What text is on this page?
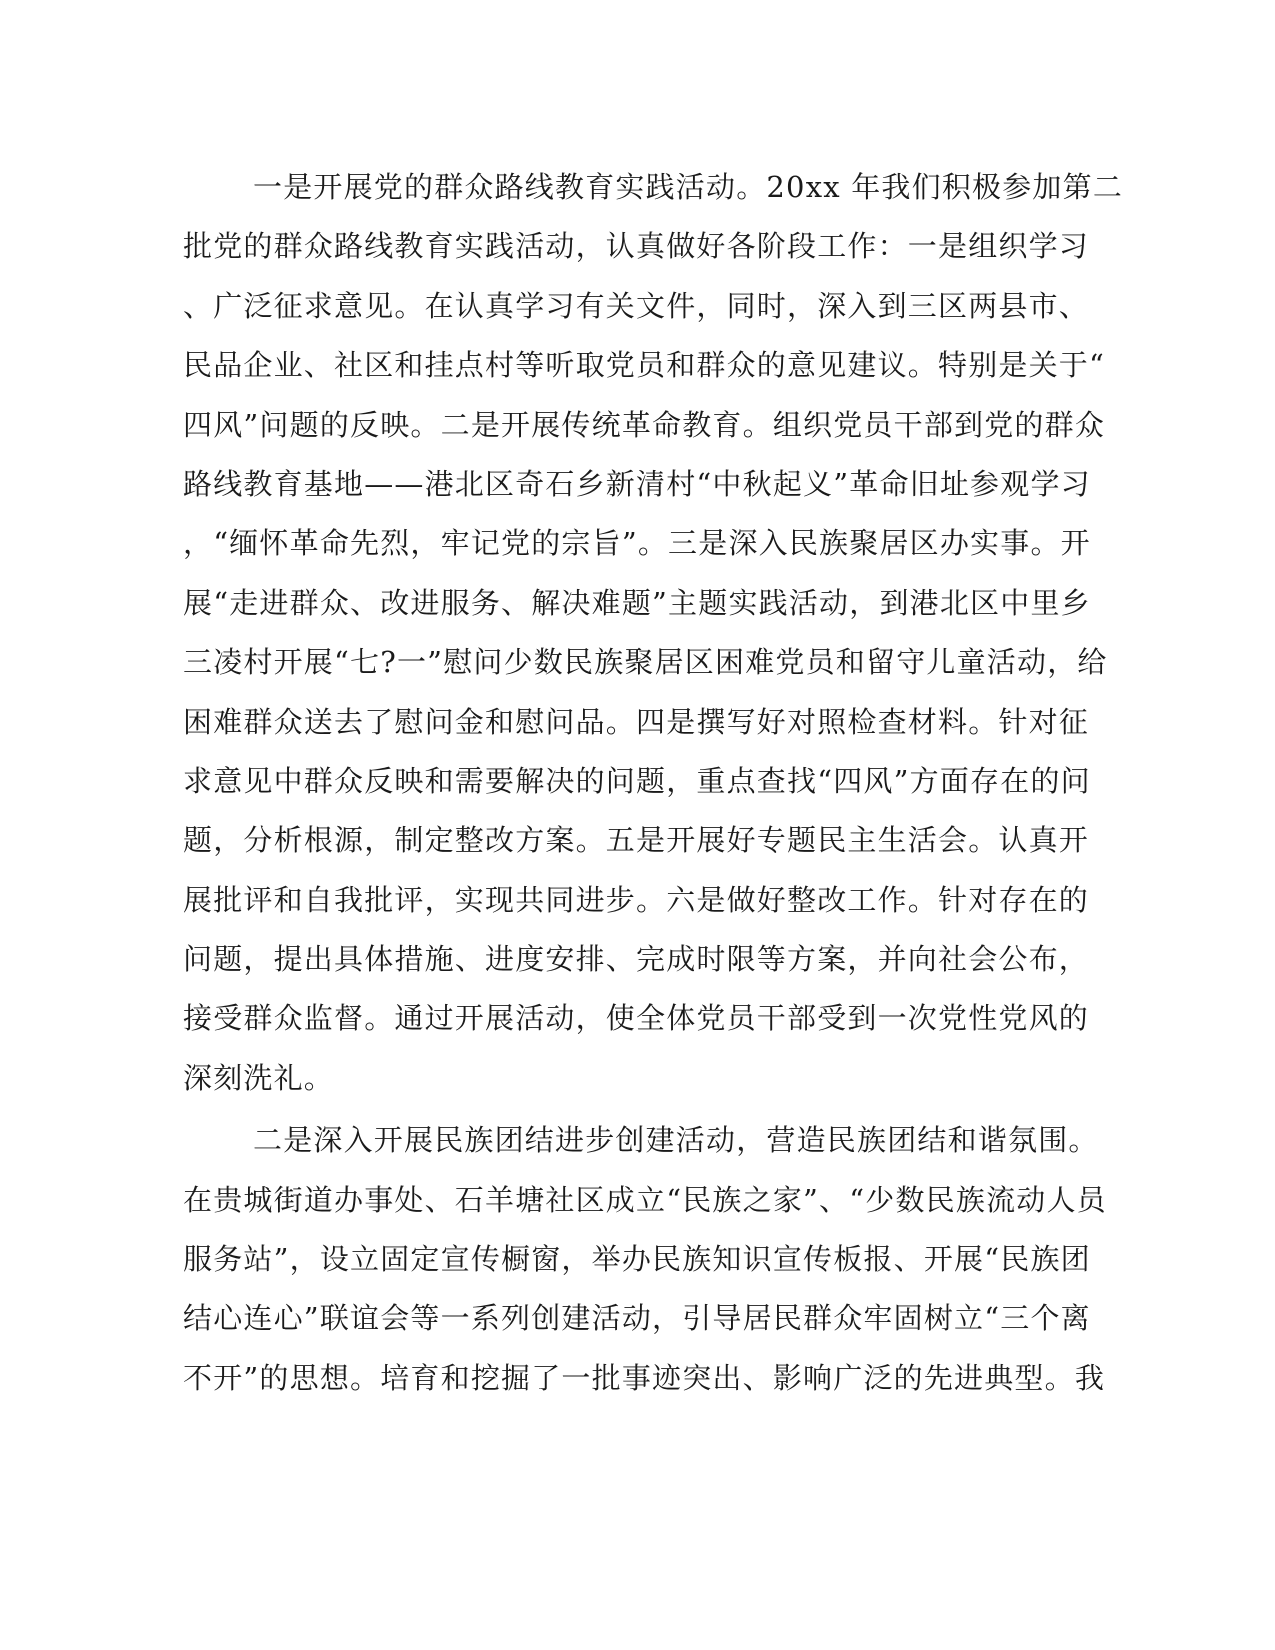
一是开展党的群众路线教育实践活动。20xx 年我们积极参加第二
批党的群众路线教育实践活动，认真做好各阶段工作：一是组织学习
、广泛征求意见。在认真学习有关文件，同时，深入到三区两县市、
民品企业、社区和挂点村等听取党员和群众的意见建议。特别是关于“
四风”问题的反映。二是开展传统革命教育。组织党员干部到党的群众
路线教育基地——港北区奇石乡新清村“中秋起义”革命旧址参观学习
，“缅怀革命先烈，牢记党的宗旨”。三是深入民族聚居区办实事。开
展“走进群众、改进服务、解决难题”主题实践活动，到港北区中里乡
三凌村开展“七?一”慰问少数民族聚居区困难党员和留守儿童活动，给
困难群众送去了慰问金和慰问品。四是撰写好对照检查材料。针对征
求意见中群众反映和需要解决的问题，重点查找“四风”方面存在的问
题，分析根源，制定整改方案。五是开展好专题民主生活会。认真开
展批评和自我批评，实现共同进步。六是做好整改工作。针对存在的
问题，提出具体措施、进度安排、完成时限等方案，并向社会公布，
接受群众监督。通过开展活动，使全体党员干部受到一次党性党风的
深刻洗礼。
二是深入开展民族团结进步创建活动，营造民族团结和谐氛围。
在贵城街道办事处、石羊塘社区成立“民族之家”、“少数民族流动人员
服务站”，设立固定宣传橱窗，举办民族知识宣传板报、开展“民族团
结心连心”联谊会等一系列创建活动，引导居民群众牢固树立“三个离
不开”的思想。培育和挖掘了一批事迹突出、影响广泛的先进典型。我
